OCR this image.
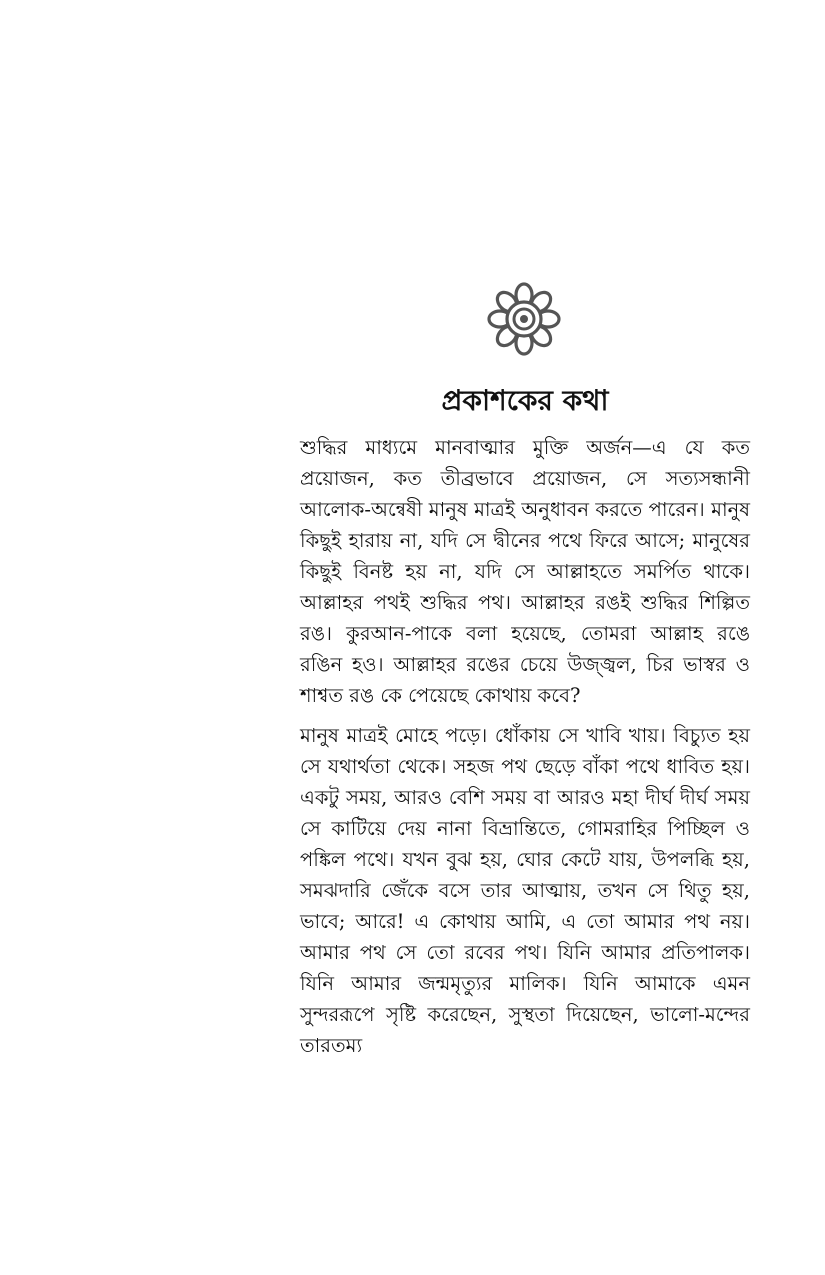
প্রকাশকের কথা

শুদ্ধির মাধ্যমে মানবাত্মার মুক্তি অর্জন—এ যে কত প্রয়োজন, কত তীব্রভাবে প্রয়োজন, সে সত্যসন্ধানী আলোক-অন্বেষী মানুষ মাত্রই অনুধাবন করতে পারেন। মানুষ কিছুই হারায় না, যদি সে দ্বীনের পথে ফিরে আসে; মানুষের কিছুই বিনষ্ট হয় না, যদি সে আল্লাহতে সমর্পিত থাকে। আল্লাহর পথই শুদ্ধির পথ। আল্লাহর রঙই শুদ্ধির শিল্পিত রঙ। কুরআন-পাকে বলা হয়েছে, তোমরা আল্লাহ রঙে রঙিন হও। আল্লাহর রঙের চেয়ে উজ্জ্বল, চির ভাস্বর ও শাশ্বত রঙ কে পেয়েছে কোথায় কবে?

মানুষ মাত্রই মোহে পড়ে। ধোঁকায় সে খাবি খায়। বিচ্যুত হয় সে যথার্থতা থেকে। সহজ পথ ছেড়ে বাঁকা পথে ধাবিত হয়। একটু সময়, আরও বেশি সময় বা আরও মহা দীর্ঘ দীর্ঘ সময় সে কাটিয়ে দেয় নানা বিভ্রান্তিতে, গোমরাহির পিচ্ছিল ও পঙ্কিল পথে। যখন বুঝ হয়, ঘোর কেটে যায়, উপলব্ধি হয়, সমঝদারি জেঁকে বসে তার আত্মায়, তখন সে থিতু হয়, ভাবে; আরে! এ কোথায় আমি, এ তো আমার পথ নয়। আমার পথ সে তো রবের পথ। যিনি আমার প্রতিপালক। যিনি আমার জন্মমৃত্যুর মালিক। যিনি আমাকে এমন সুন্দররূপে সৃষ্টি করেছেন, সুস্থতা দিয়েছেন, ভালো-মন্দের তারতম্য
